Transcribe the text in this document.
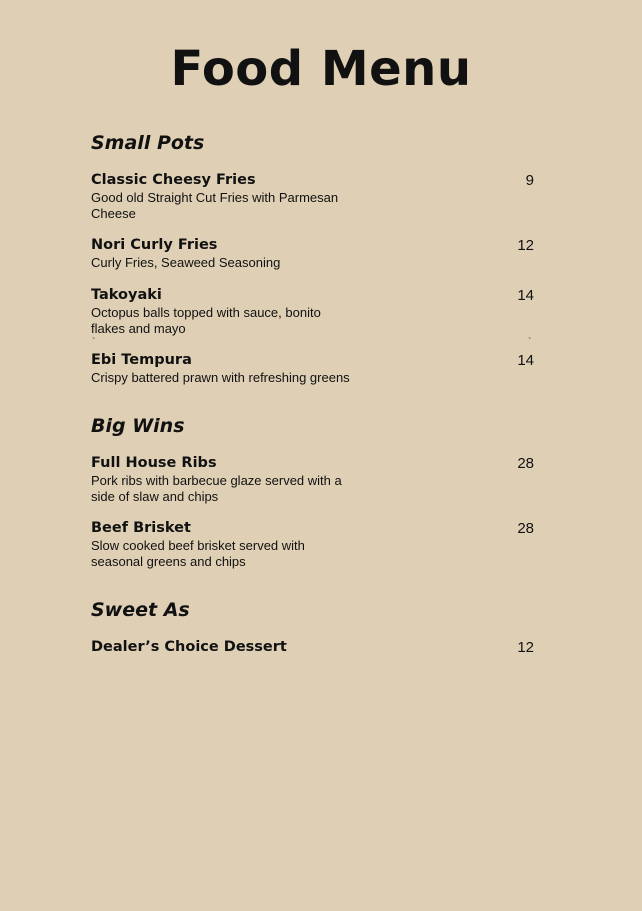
Food Menu
Small Pots
Classic Cheesy Fries
Good old Straight Cut Fries with Parmesan Cheese
9
Nori Curly Fries
Curly Fries, Seaweed Seasoning
12
Takoyaki
Octopus balls topped with sauce, bonito flakes and mayo
14
`	`
Ebi Tempura
Crispy battered prawn with refreshing greens
14
Big Wins
Full House Ribs
Pork ribs with barbecue glaze served with a side of slaw and chips
28
Beef Brisket
Slow cooked beef brisket served with seasonal greens and chips
28
Sweet As
Dealer’s Choice Dessert	12
